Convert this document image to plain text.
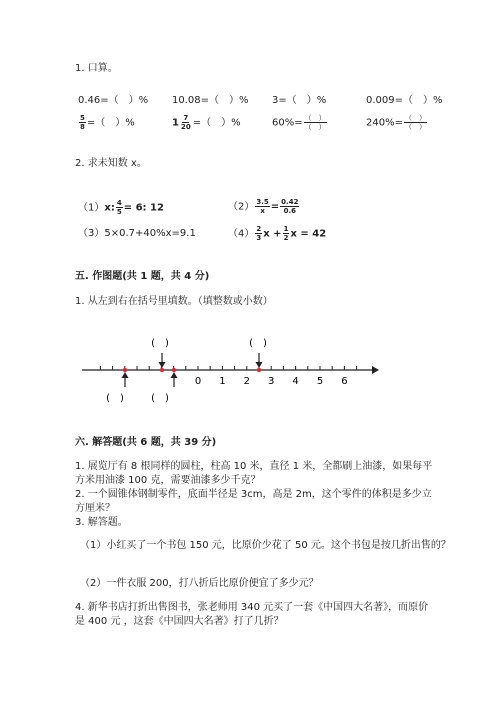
1. 口算。
0.46=（　）% 10.08=（　）% 3=（　）%	0.009=（　）%
$\frac{5}{8}$ =（　）%	$1 \frac{7}{20}$ =（　）%	$60\%= \frac{( )}{( )}$	$240\%= \frac{( )}{( )}$
2. 求未知数 x。
（1）x: $\frac{4}{5} = 6$: 12	$(2) \frac{3.5}{x} = \frac{0.42}{0.6}$
（3）5×0.7+40%x=9.1	$(4) \frac{2}{3}$ $x + \frac{1}{2}$ x = 42
五. 作图题(共 1 题，共 4 分)
1. 从左到右在括号里填数。（填整数或小数）
0 1 2 3 4 5 6
(　)	(　)
(　)	(　)
六. 解答题(共 6 题，共 39 分)
1. 展览厅有 8 根同样的圆柱，柱高 10 米，直径 1 米，全都刷上油漆，如果每平
方米用油漆 100 克，需要油漆多少千克？
2. 一个圆锥体钢制零件，底面半径是 3cm，高是 2m，这个零件的体积是多少立
方厘米？
3. 解答题。
（1）小红买了一个书包 150 元，比原价少花了 50 元。这个书包是按几折出售的？
（2）一件衣服 200，打八折后比原价便宜了多少元？
4. 新华书店打折出售图书，张老师用 340 元买了一套《中国四大名著》，而原价
是 400 元 ，这套《中国四大名著》打了几折？
